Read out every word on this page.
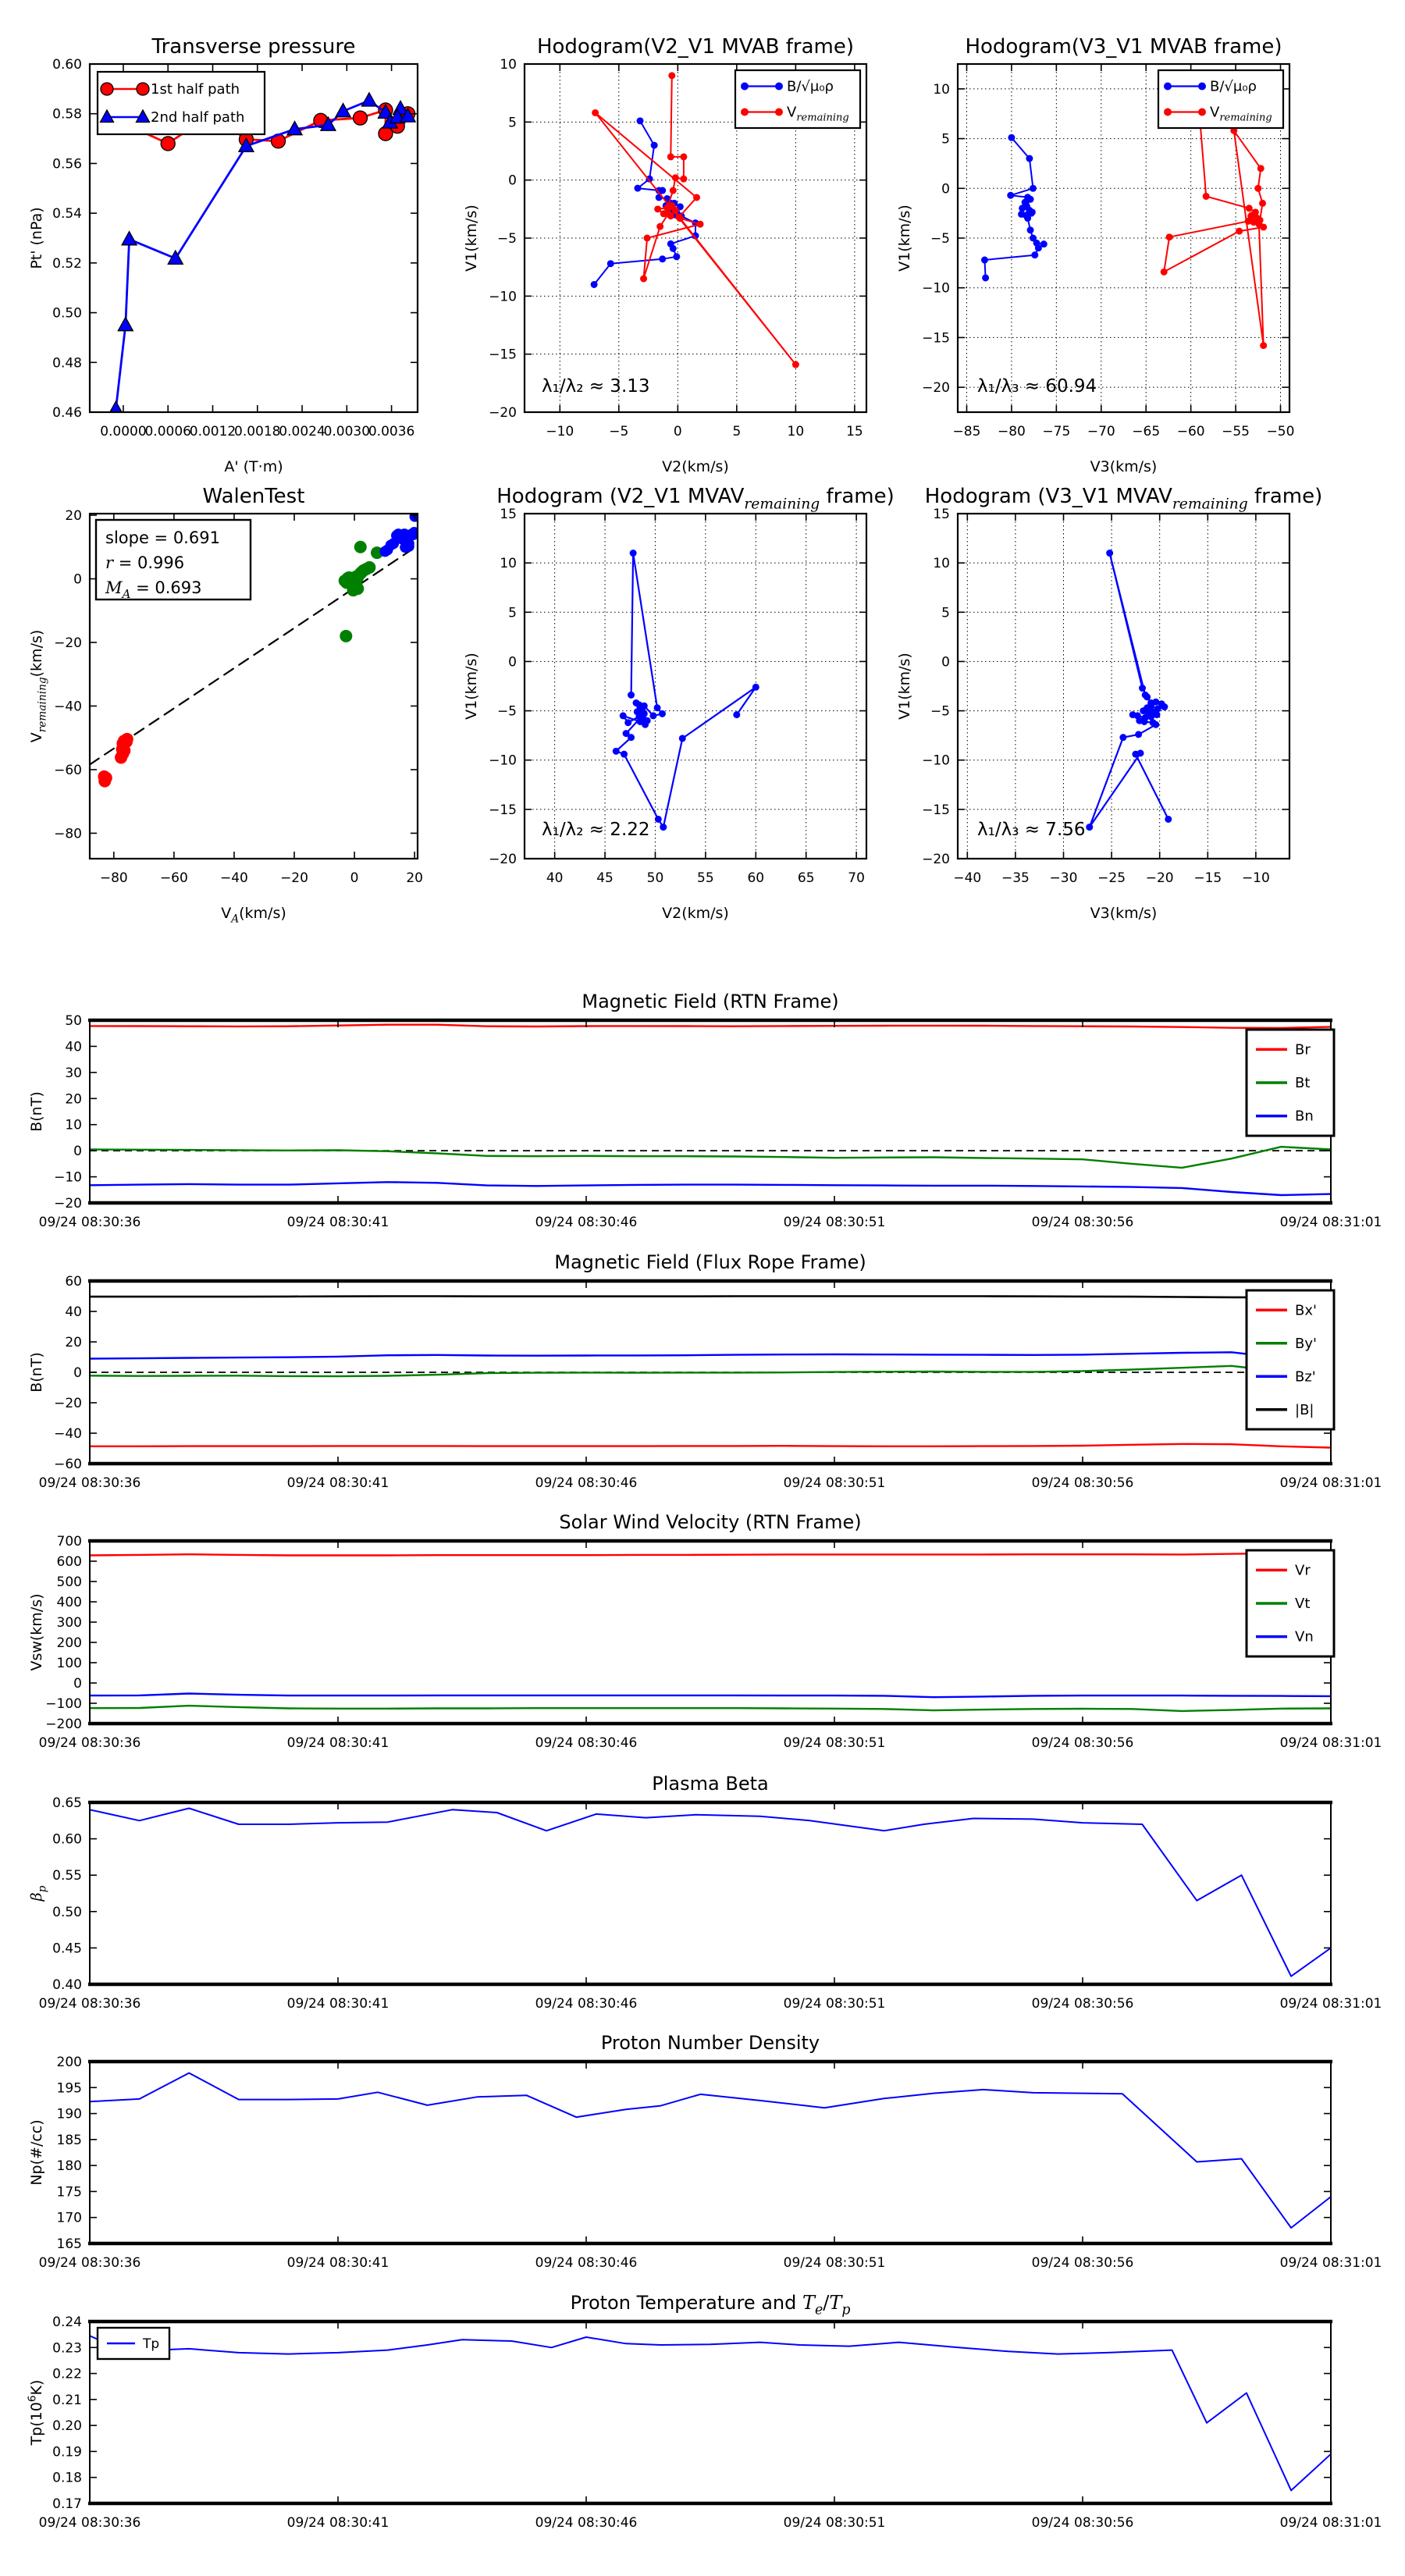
0.0000
0.0006
0.0012
0.0018
0.0024
0.0030
0.0036
0.46
0.48
0.50
0.52
0.54
0.56
0.58
0.60
Transverse pressure
A' (T·m)
Pt' (nPa)
1st half path
2nd half path
−10	−5	0	5	10	15
−20
−15
−10
−5
0
5
10
Hodogram(V2_V1 MVAB frame)
V2(km/s)
V1(km/s)
B/√μ₀ρ
$V_{remaining}$
λ₁/λ₂ ≈ 3.13
−85 −80 −75 −70 −65 −60 −55 −50
−20
−15
−10
−5
0
5
10
Hodogram(V3_V1 MVAB frame)
V3(km/s)
V1(km/s)
B/√μ₀ρ
$V_{remaining}$
λ₁/λ₃ ≈ 60.94
−80 −60 −40 −20	0	20
−80
−60
−40
−20
0
20
WalenTest
$V_A(km/s)$
$V_{remaining}(km/s)$
slope = 0.691
r = 0.996
$M_A = 0.693$
40	45	50	55	60	65	70
−20
−15
−10
−5
0
5
10
15
Hodogram (V2_V1 $MVAV_{remaining}$ frame)
V2(km/s)
V1(km/s)
λ₁/λ₂ ≈ 2.22
−40 −35 −30 −25 −20 −15 −10
−20
−15
−10
−5
0
5
10
15
Hodogram (V3_V1 $MVAV_{remaining}$ frame)
V3(km/s)
V1(km/s)
λ₁/λ₃ ≈ 7.56
09/24 08:30:36	09/24 08:30:41	09/24 08:30:46	09/24 08:30:51	09/24 08:30:56	09/24 08:31:01
−20
−10
0
10
20
30
40
50
Magnetic Field (RTN Frame)
B(nT)
Br
Bt
Bn
09/24 08:30:36	09/24 08:30:41	09/24 08:30:46	09/24 08:30:51	09/24 08:30:56	09/24 08:31:01
−60
−40
−20
0
20
40
60
Magnetic Field (Flux Rope Frame)
B(nT)
Bx'
By'
Bz'
|B|
09/24 08:30:36	09/24 08:30:41	09/24 08:30:46	09/24 08:30:51	09/24 08:30:56	09/24 08:31:01
−200
−100
0
100
200
300
400
500
600
700
Solar Wind Velocity (RTN Frame)
Vsw(km/s)
Vr
Vt
Vn
09/24 08:30:36	09/24 08:30:41	09/24 08:30:46	09/24 08:30:51	09/24 08:30:56	09/24 08:31:01
0.40
0.45
0.50
0.55
0.60
0.65
Plasma Beta
$\beta_p$
09/24 08:30:36	09/24 08:30:41	09/24 08:30:46	09/24 08:30:51	09/24 08:30:56	09/24 08:31:01
165
170
175
180
185
190
195
200
Proton Number Density
Np(#/cc)
09/24 08:30:36	09/24 08:30:41	09/24 08:30:46	09/24 08:30:51	09/24 08:30:56	09/24 08:31:01
0.17
0.18
0.19
0.20
0.21
0.22
0.23
0.24
Proton Temperature and $T_e/T_p$
$Tp(10^6K)$
Tp
